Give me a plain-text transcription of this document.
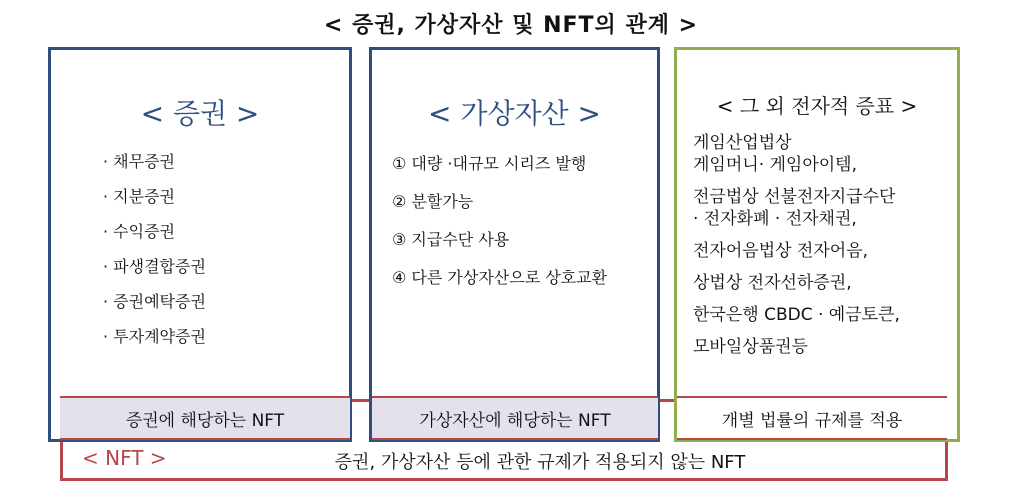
< 증권, 가상자산 및 NFT의 관계 >
< 증권 >
· 채무증권
· 지분증권
· 수익증권
· 파생결합증권
· 증권예탁증권
· 투자계약증권
< 가상자산 >
① 대량 ·대규모 시리즈 발행
② 분할가능
③ 지급수단 사용
④ 다른 가상자산으로 상호교환
< 그 외 전자적 증표 >
게임산업법상
게임머니· 게임아이템,
전금법상 선불전자지급수단
· 전자화폐 · 전자채권,
전자어음법상 전자어음,
상법상 전자선하증권,
한국은행 CBDC · 예금토큰,
모바일상품권등
증권에 해당하는 NFT	가상자산에 해당하는 NFT	개별 법률의 규제를 적용
< NFT >	증권, 가상자산 등에 관한 규제가 적용되지 않는 NFT
